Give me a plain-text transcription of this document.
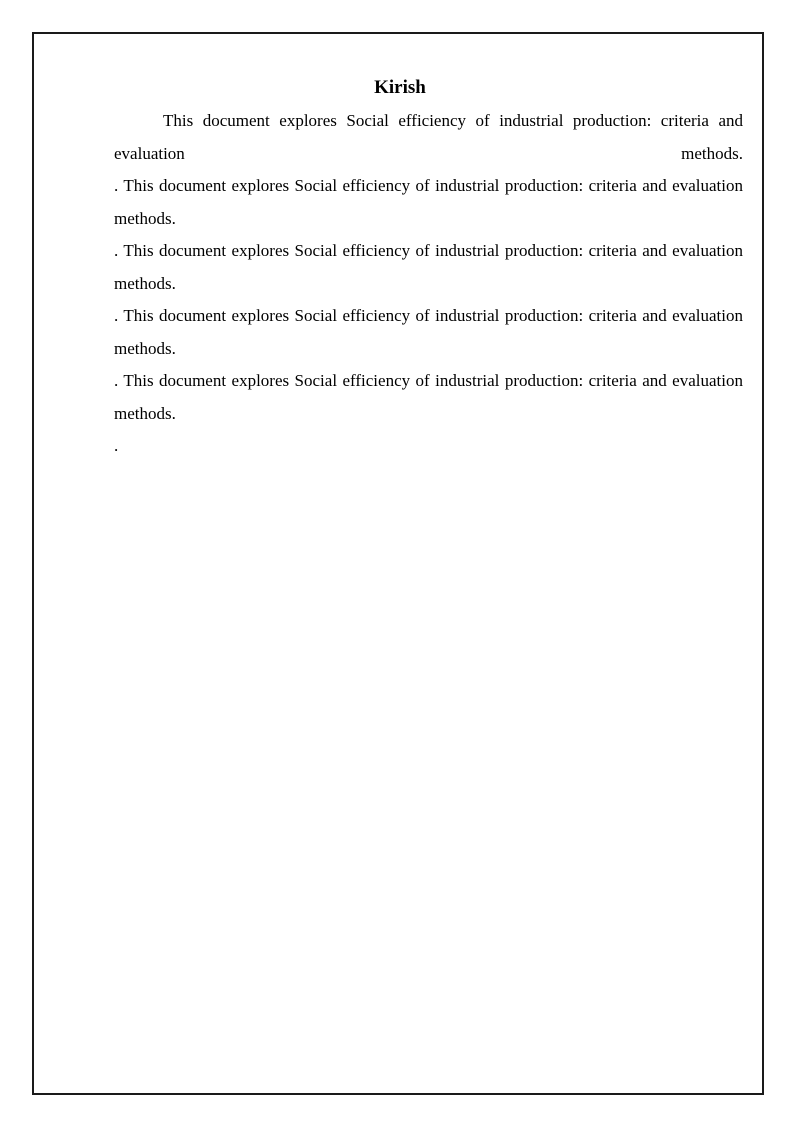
Kirish

This document explores Social efficiency of industrial production: criteria and evaluation methods.

. This document explores Social efficiency of industrial production: criteria and evaluation methods.

. This document explores Social efficiency of industrial production: criteria and evaluation methods.

. This document explores Social efficiency of industrial production: criteria and evaluation methods.

. This document explores Social efficiency of industrial production: criteria and evaluation methods.

.
